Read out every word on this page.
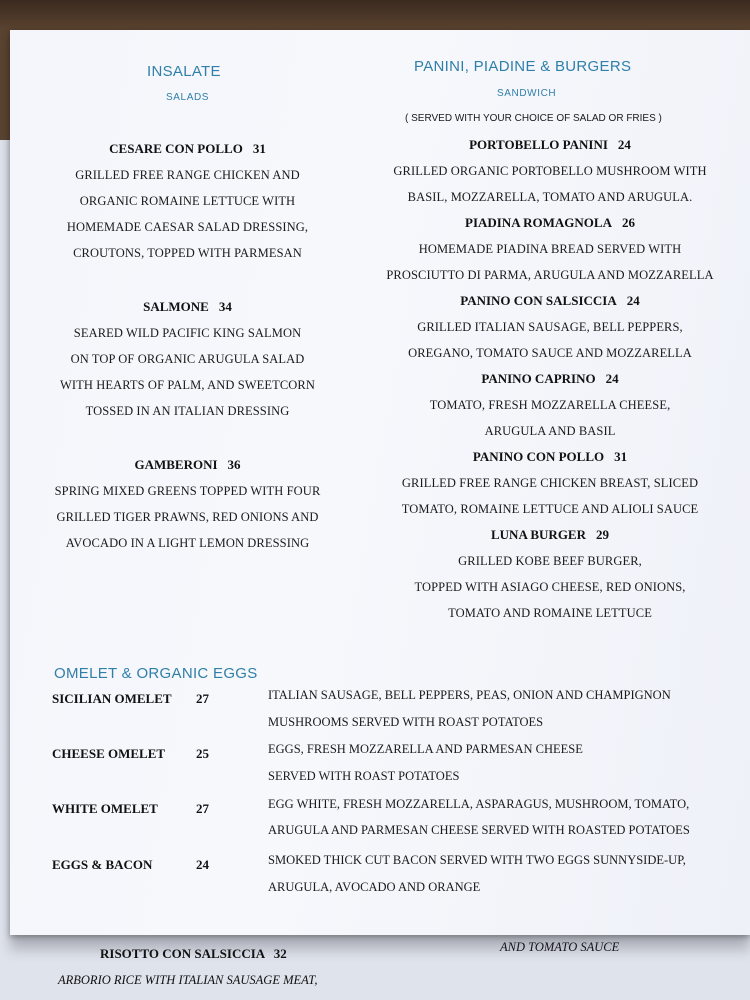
RISOTTO CON SALSICCIA 32
ARBORIO RICE WITH ITALIAN SAUSAGE MEAT,
AND TOMATO SAUCE
INSALATE
SALADS
CESARE CON POLLO 31
GRILLED FREE RANGE CHICKEN AND
ORGANIC ROMAINE LETTUCE WITH
HOMEMADE CAESAR SALAD DRESSING,
CROUTONS, TOPPED WITH PARMESAN
SALMONE 34
SEARED WILD PACIFIC KING SALMON
ON TOP OF ORGANIC ARUGULA SALAD
WITH HEARTS OF PALM, AND SWEETCORN
TOSSED IN AN ITALIAN DRESSING
GAMBERONI 36
SPRING MIXED GREENS TOPPED WITH FOUR
GRILLED TIGER PRAWNS, RED ONIONS AND
AVOCADO IN A LIGHT LEMON DRESSING
PANINI, PIADINE & BURGERS
SANDWICH
( SERVED WITH YOUR CHOICE OF SALAD OR FRIES )
PORTOBELLO PANINI 24
GRILLED ORGANIC PORTOBELLO MUSHROOM WITH
BASIL, MOZZARELLA, TOMATO AND ARUGULA.
PIADINA ROMAGNOLA 26
HOMEMADE PIADINA BREAD SERVED WITH
PROSCIUTTO DI PARMA, ARUGULA AND MOZZARELLA
PANINO CON SALSICCIA 24
GRILLED ITALIAN SAUSAGE, BELL PEPPERS,
OREGANO, TOMATO SAUCE AND MOZZARELLA
PANINO CAPRINO 24
TOMATO, FRESH MOZZARELLA CHEESE,
ARUGULA AND BASIL
PANINO CON POLLO 31
GRILLED FREE RANGE CHICKEN BREAST, SLICED
TOMATO, ROMAINE LETTUCE AND ALIOLI SAUCE
LUNA BURGER 29
GRILLED KOBE BEEF BURGER,
TOPPED WITH ASIAGO CHEESE, RED ONIONS,
TOMATO AND ROMAINE LETTUCE
OMELET & ORGANIC EGGS
SICILIAN OMELET 27	ITALIAN SAUSAGE, BELL PEPPERS, PEAS, ONION AND CHAMPIGNON
MUSHROOMS SERVED WITH ROAST POTATOES
CHEESE OMELET 25	EGGS, FRESH MOZZARELLA AND PARMESAN CHEESE
SERVED WITH ROAST POTATOES
WHITE OMELET	27	EGG WHITE, FRESH MOZZARELLA, ASPARAGUS, MUSHROOM, TOMATO,
ARUGULA AND PARMESAN CHEESE SERVED WITH ROASTED POTATOES
EGGS & BACON	24	SMOKED THICK CUT BACON SERVED WITH TWO EGGS SUNNYSIDE-UP,
ARUGULA, AVOCADO AND ORANGE
